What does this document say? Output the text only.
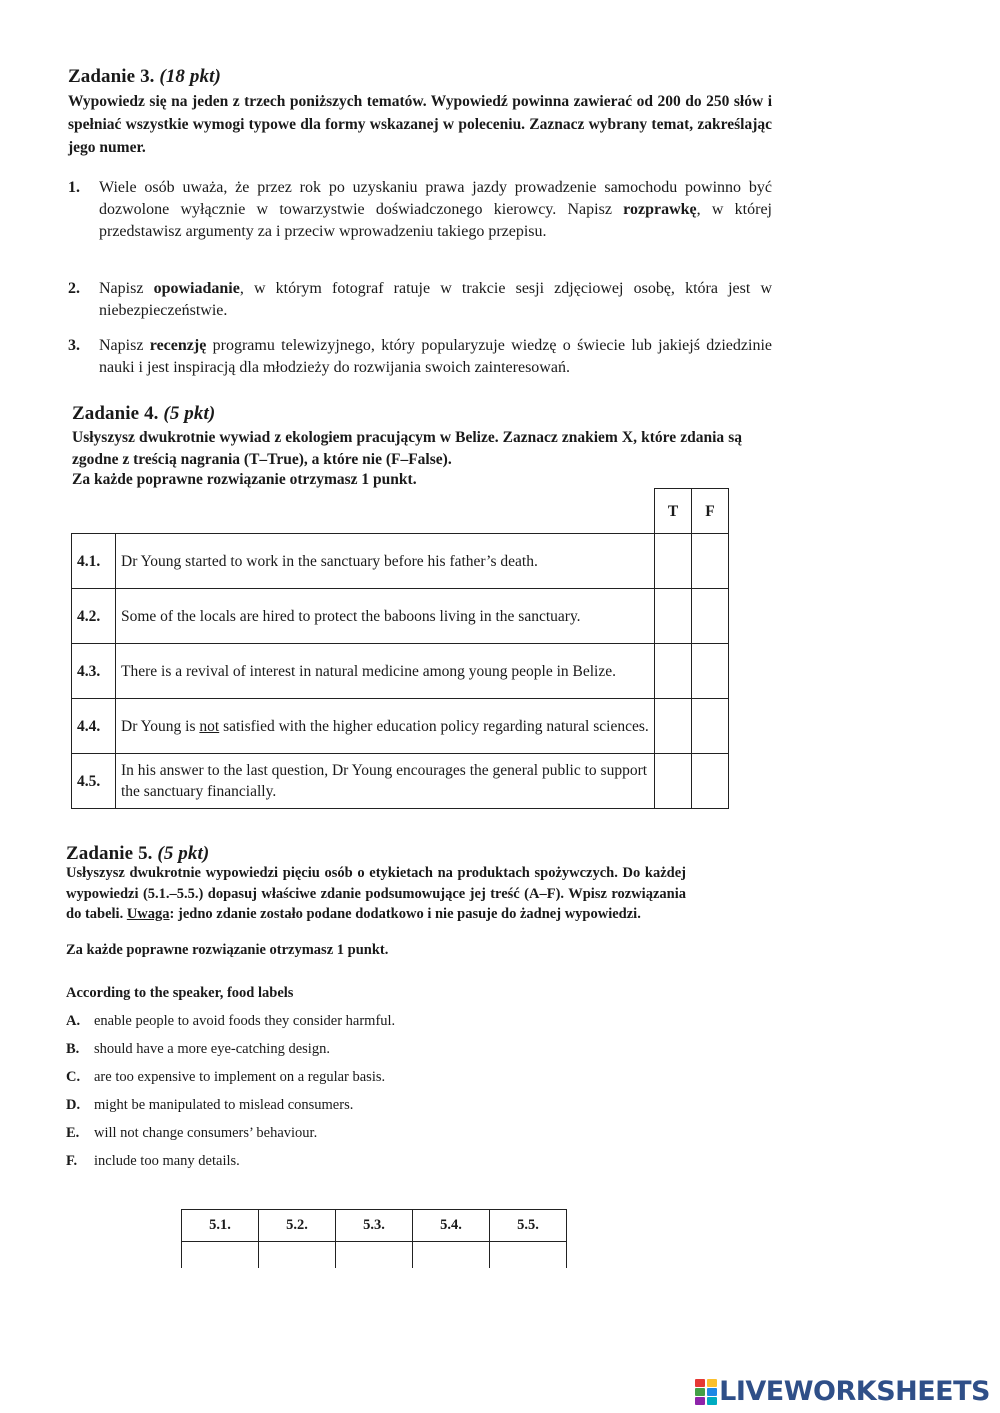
Zadanie 3. (18 pkt)
Wypowiedz się na jeden z trzech poniższych tematów. Wypowiedź powinna zawierać od 200 do 250 słów i spełniać wszystkie wymogi typowe dla formy wskazanej w poleceniu. Zaznacz wybrany temat, zakreślając jego numer.
1. Wiele osób uważa, że przez rok po uzyskaniu prawa jazdy prowadzenie samochodu powinno być dozwolone wyłącznie w towarzystwie doświadczonego kierowcy. Napisz rozprawkę, w której przedstawisz argumenty za i przeciw wprowadzeniu takiego przepisu.
2. Napisz opowiadanie, w którym fotograf ratuje w trakcie sesji zdjęciowej osobę, która jest w niebezpieczeństwie.
3. Napisz recenzję programu telewizyjnego, który popularyzuje wiedzę o świecie lub jakiejś dziedzinie nauki i jest inspiracją dla młodzieży do rozwijania swoich zainteresowań.
Zadanie 4. (5 pkt)
Usłyszysz dwukrotnie wywiad z ekologiem pracującym w Belize. Zaznacz znakiem X, które zdania są zgodne z treścią nagrania (T–True), a które nie (F–False).
Za każde poprawne rozwiązanie otrzymasz 1 punkt.
		T	F
4.1.	Dr Young started to work in the sanctuary before his father’s death.		
4.2.	Some of the locals are hired to protect the baboons living in the sanctuary.		
4.3.	There is a revival of interest in natural medicine among young people in Belize.		
4.4.	Dr Young is not satisfied with the higher education policy regarding natural sciences.		
4.5.	In his answer to the last question, Dr Young encourages the general public to support the sanctuary financially.		
Zadanie 5. (5 pkt)
Usłyszysz dwukrotnie wypowiedzi pięciu osób o etykietach na produktach spożywczych. Do każdej wypowiedzi (5.1.–5.5.) dopasuj właściwe zdanie podsumowujące jej treść (A–F). Wpisz rozwiązania do tabeli. Uwaga: jedno zdanie zostało podane dodatkowo i nie pasuje do żadnej wypowiedzi.
Za każde poprawne rozwiązanie otrzymasz 1 punkt.
According to the speaker, food labels
A. enable people to avoid foods they consider harmful.
B. should have a more eye-catching design.
C. are too expensive to implement on a regular basis.
D. might be manipulated to mislead consumers.
E. will not change consumers’ behaviour.
F. include too many details.
5.1.	5.2.	5.3.	5.4.	5.5.

LIVEWORKSHEETS
